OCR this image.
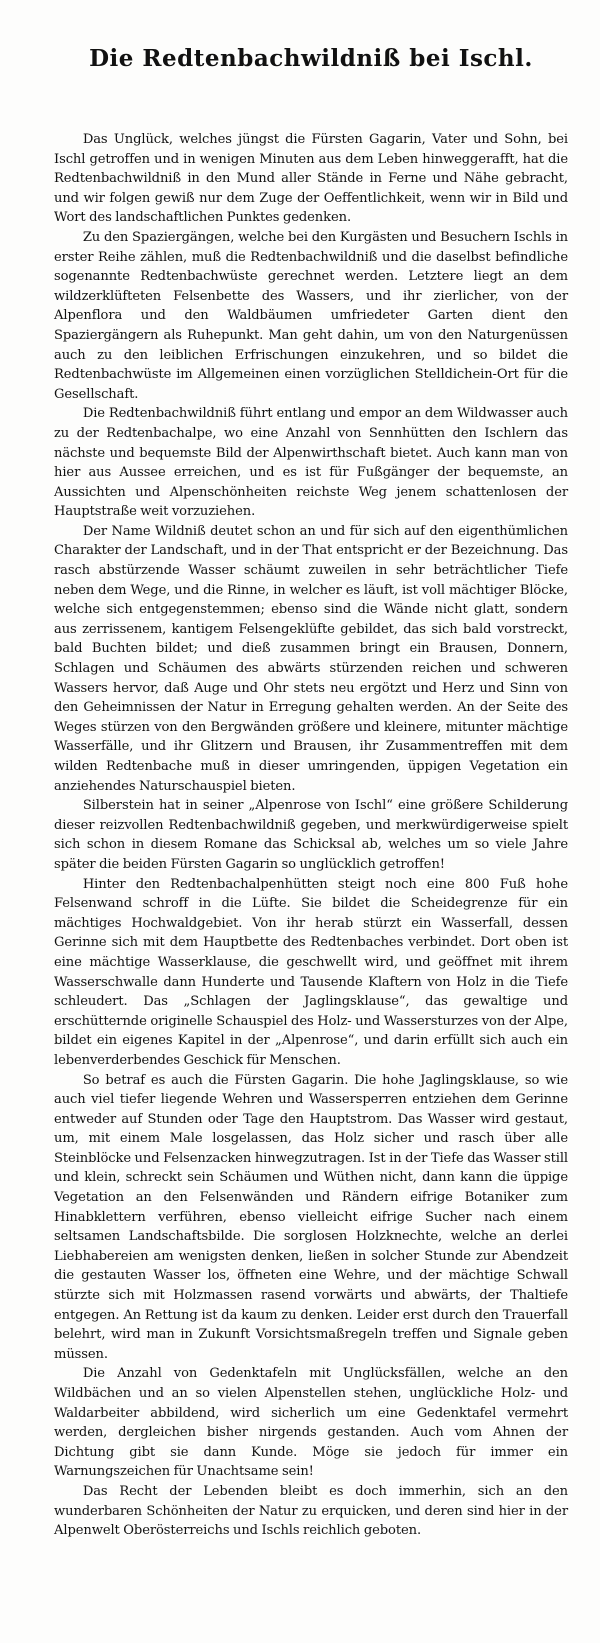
Die Redtenbachwildniß bei Ischl.

Das Unglück, welches jüngst die Fürsten Gagarin, Vater und Sohn, bei Ischl getroffen und in wenigen Minuten aus dem Leben hinweggerafft, hat die Redtenbachwildniß in den Mund aller Stände in Ferne und Nähe gebracht, und wir folgen gewiß nur dem Zuge der Oeffentlichkeit, wenn wir in Bild und Wort des landschaftlichen Punktes gedenken.

Zu den Spaziergängen, welche bei den Kurgästen und Besuchern Ischls in erster Reihe zählen, muß die Redtenbachwildniß und die daselbst befindliche sogenannte Redtenbachwüste gerechnet werden. Letztere liegt an dem wildzerklüfteten Felsenbette des Wassers, und ihr zierlicher, von der Alpenflora und den Waldbäumen umfriedeter Garten dient den Spaziergängern als Ruhepunkt. Man geht dahin, um von den Naturgenüssen auch zu den leiblichen Erfrischungen einzukehren, und so bildet die Redtenbachwüste im Allgemeinen einen vorzüglichen Stelldichein-Ort für die Gesellschaft.

Die Redtenbachwildniß führt entlang und empor an dem Wildwasser auch zu der Redtenbachalpe, wo eine Anzahl von Sennhütten den Ischlern das nächste und bequemste Bild der Alpenwirthschaft bietet. Auch kann man von hier aus Aussee erreichen, und es ist für Fußgänger der bequemste, an Aussichten und Alpenschönheiten reichste Weg jenem schattenlosen der Hauptstraße weit vorzuziehen.

Der Name Wildniß deutet schon an und für sich auf den eigenthümlichen Charakter der Landschaft, und in der That entspricht er der Bezeichnung. Das rasch abstürzende Wasser schäumt zuweilen in sehr beträchtlicher Tiefe neben dem Wege, und die Rinne, in welcher es läuft, ist voll mächtiger Blöcke, welche sich entgegenstemmen; ebenso sind die Wände nicht glatt, sondern aus zerrissenem, kantigem Felsengeklüfte gebildet, das sich bald vorstreckt, bald Buchten bildet; und dieß zusammen bringt ein Brausen, Donnern, Schlagen und Schäumen des abwärts stürzenden reichen und schweren Wassers hervor, daß Auge und Ohr stets neu ergötzt und Herz und Sinn von den Geheimnissen der Natur in Erregung gehalten werden. An der Seite des Weges stürzen von den Bergwänden größere und kleinere, mitunter mächtige Wasserfälle, und ihr Glitzern und Brausen, ihr Zusammentreffen mit dem wilden Redtenbache muß in dieser umringenden, üppigen Vegetation ein anziehendes Naturschauspiel bieten.

Silberstein hat in seiner „Alpenrose von Ischl“ eine größere Schilderung dieser reizvollen Redtenbachwildniß gegeben, und merkwürdigerweise spielt sich schon in diesem Romane das Schicksal ab, welches um so viele Jahre später die beiden Fürsten Gagarin so unglücklich getroffen!

Hinter den Redtenbachalpenhütten steigt noch eine 800 Fuß hohe Felsenwand schroff in die Lüfte. Sie bildet die Scheidegrenze für ein mächtiges Hochwaldgebiet. Von ihr herab stürzt ein Wasserfall, dessen Gerinne sich mit dem Hauptbette des Redtenbaches verbindet. Dort oben ist eine mächtige Wasserklause, die geschwellt wird, und geöffnet mit ihrem Wasserschwalle dann Hunderte und Tausende Klaftern von Holz in die Tiefe schleudert. Das „Schlagen der Jaglingsklause“, das gewaltige und erschütternde originelle Schauspiel des Holz- und Wassersturzes von der Alpe, bildet ein eigenes Kapitel in der „Alpenrose“, und darin erfüllt sich auch ein lebenverderbendes Geschick für Menschen.

So betraf es auch die Fürsten Gagarin. Die hohe Jaglingsklause, so wie auch viel tiefer liegende Wehren und Wassersperren entziehen dem Gerinne entweder auf Stunden oder Tage den Hauptstrom. Das Wasser wird gestaut, um, mit einem Male losgelassen, das Holz sicher und rasch über alle Steinblöcke und Felsenzacken hinwegzutragen. Ist in der Tiefe das Wasser still und klein, schreckt sein Schäumen und Wüthen nicht, dann kann die üppige Vegetation an den Felsenwänden und Rändern eifrige Botaniker zum Hinabklettern verführen, ebenso vielleicht eifrige Sucher nach einem seltsamen Landschaftsbilde. Die sorglosen Holzknechte, welche an derlei Liebhabereien am wenigsten denken, ließen in solcher Stunde zur Abendzeit die gestauten Wasser los, öffneten eine Wehre, und der mächtige Schwall stürzte sich mit Holzmassen rasend vorwärts und abwärts, der Thaltiefe entgegen. An Rettung ist da kaum zu denken. Leider erst durch den Trauerfall belehrt, wird man in Zukunft Vorsichtsmaßregeln treffen und Signale geben müssen.

Die Anzahl von Gedenktafeln mit Unglücksfällen, welche an den Wildbächen und an so vielen Alpenstellen stehen, unglückliche Holz- und Waldarbeiter abbildend, wird sicherlich um eine Gedenktafel vermehrt werden, dergleichen bisher nirgends gestanden. Auch vom Ahnen der Dichtung gibt sie dann Kunde. Möge sie jedoch für immer ein Warnungszeichen für Unachtsame sein!

Das Recht der Lebenden bleibt es doch immerhin, sich an den wunderbaren Schönheiten der Natur zu erquicken, und deren sind hier in der Alpenwelt Oberösterreichs und Ischls reichlich geboten.
